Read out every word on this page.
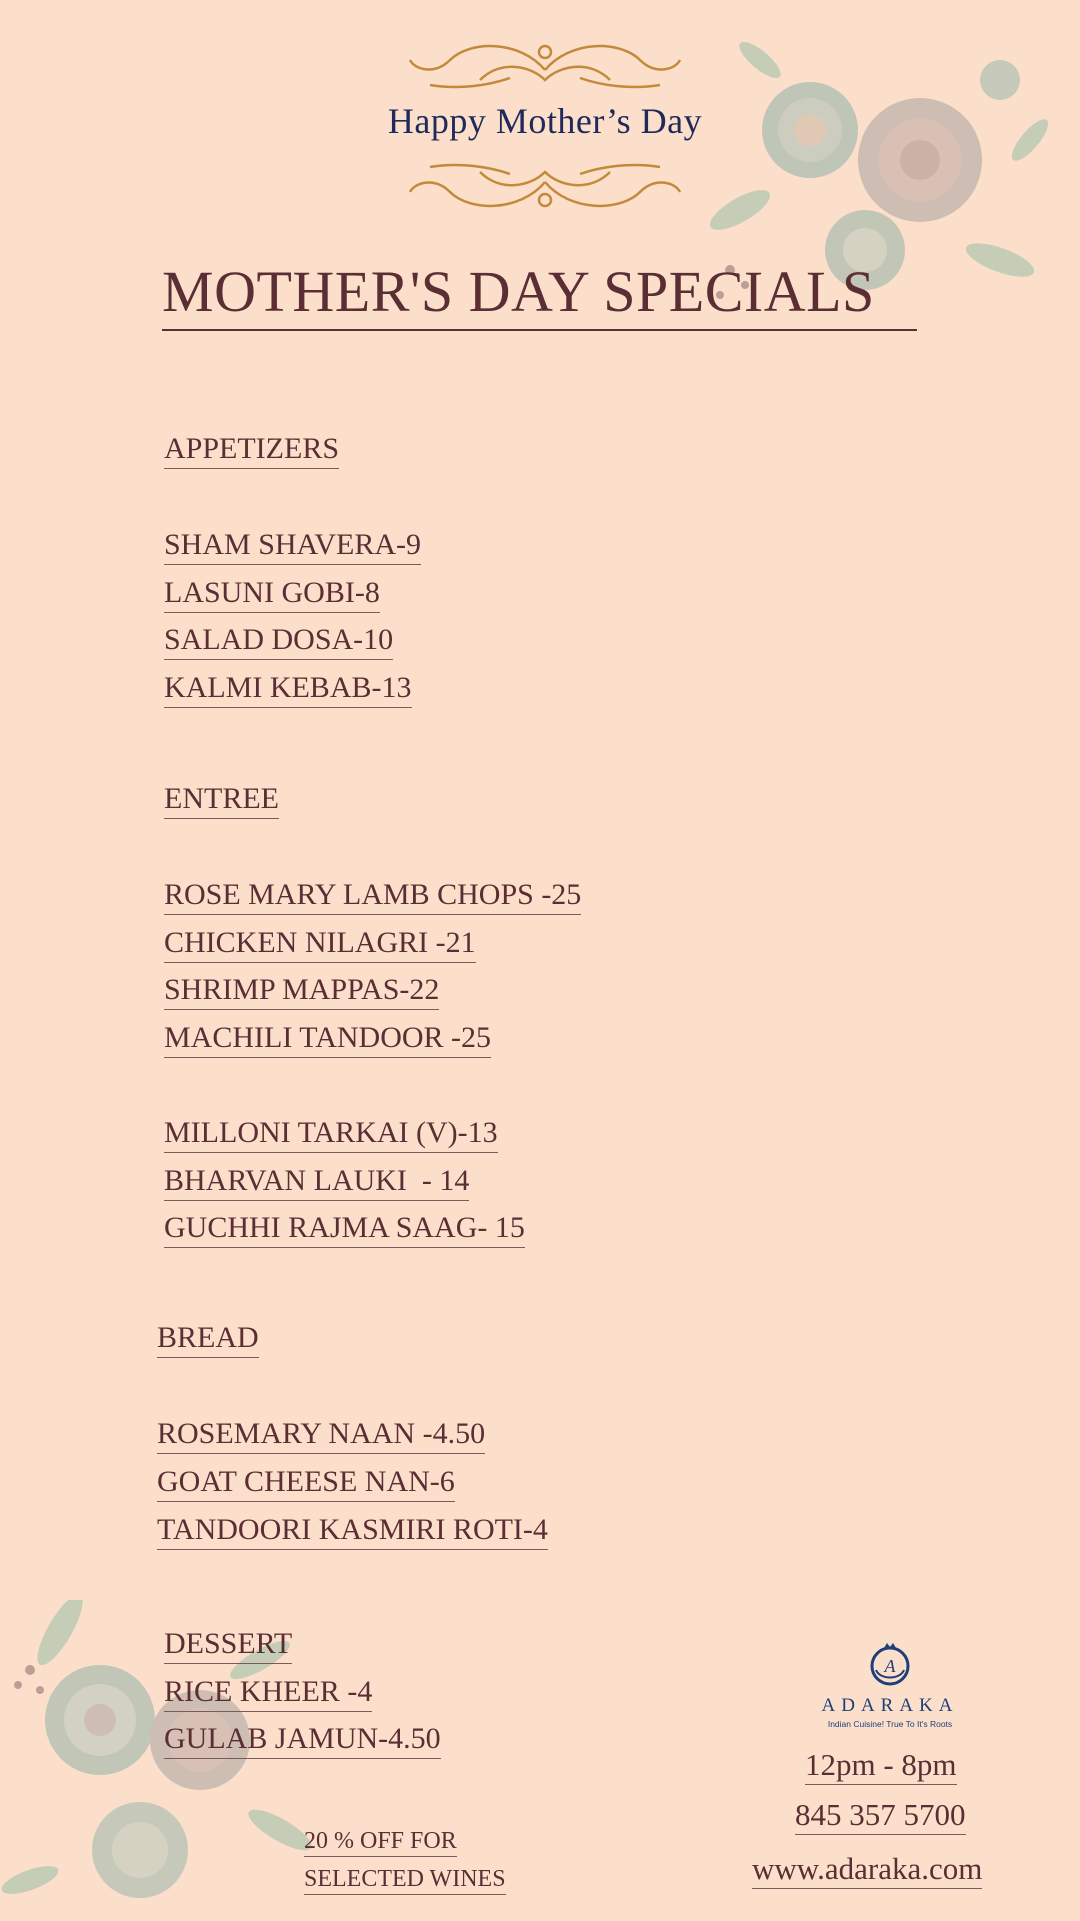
Happy Mother’s Day
MOTHER'S DAY SPECIALS
APPETIZERS
SHAM SHAVERA-9
LASUNI GOBI-8
SALAD DOSA-10
KALMI KEBAB-13
ENTREE
ROSE MARY LAMB CHOPS -25
CHICKEN NILAGRI -21
SHRIMP MAPPAS-22
MACHILI TANDOOR -25
MILLONI TARKAI (V)-13
BHARVAN LAUKI  - 14
GUCHHI RAJMA SAAG- 15
BREAD
ROSEMARY NAAN -4.50
GOAT CHEESE NAN-6
TANDOORI KASMIRI ROTI-4
DESSERT
RICE KHEER -4
GULAB JAMUN-4.50
20 % OFF FOR
SELECTED WINES
A
ADARAKA
Indian Cuisine! True To It's Roots
12pm - 8pm
845 357 5700
www.adaraka.com
